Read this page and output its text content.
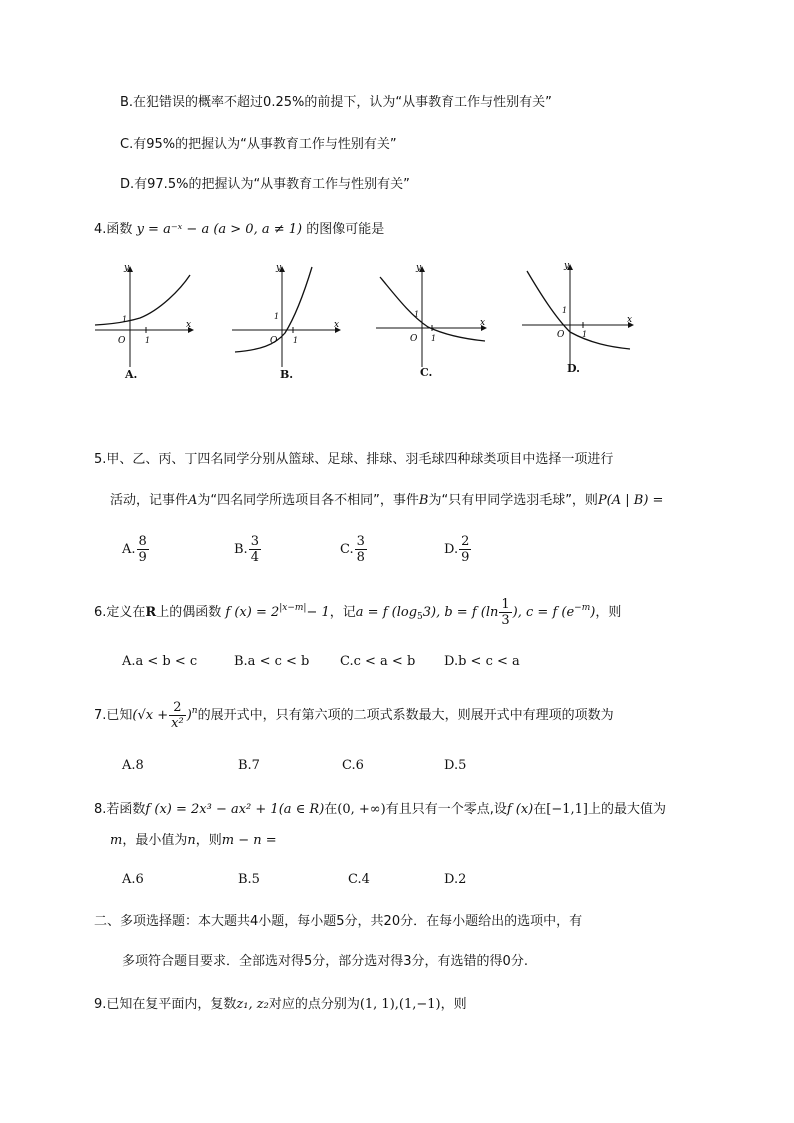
B.在犯错误的概率不超过0.25%的前提下，认为“从事教育工作与性别有关”
C.有95%的把握认为“从事教育工作与性别有关”
D.有97.5%的把握认为“从事教育工作与性别有关”
4.函数 y = a⁻ˣ − a (a > 0, a ≠ 1) 的图像可能是
y
x
O 1
1
y
x
O 1
1
y
x
O 1
1
y
x
O 1
1
A.	B.	C.	D.
5.甲、乙、丙、丁四名同学分别从篮球、足球、排球、羽毛球四种球类项目中选择一项进行
活动，记事件A为“四名同学所选项目各不相同”，事件B为“只有甲同学选羽毛球”，则P(A | B) =
A. $\frac{8}{9}$	B. $\frac{3}{4}$	C. $\frac{3}{8}$	D. $\frac{2}{9}$
6.定义在R上的偶函数 f $(x) = 2^{|x-m|}- 1$，记a = f $(\log_53)$, b = f ($\ln \frac{1}{3}$ ), c = f $(e^{-m})$，则
A.a < b < c	B.a < c < b C.c < a < b D.b < c < a
7.已知$(√x + \frac{2}{\text{x²}} )^n$的展开式中，只有第六项的二项式系数最大，则展开式中有理项的项数为
A.8	B.7	C.6	D.5
8.若函数f (x) = 2x³ − ax² + 1(a ∈ R)在(0, +∞)有且只有一个零点,设f (x)在[−1,1]上的最大值为
m，最小值为n，则m − n =
A.6	B.5	C.4	D.2
二、多项选择题：本大题共4小题，每小题5分，共20分．在每小题给出的选项中，有
多项符合题目要求．全部选对得5分，部分选对得3分，有选错的得0分.
9.已知在复平面内，复数z₁, z₂对应的点分别为(1, 1),(1,−1)，则
